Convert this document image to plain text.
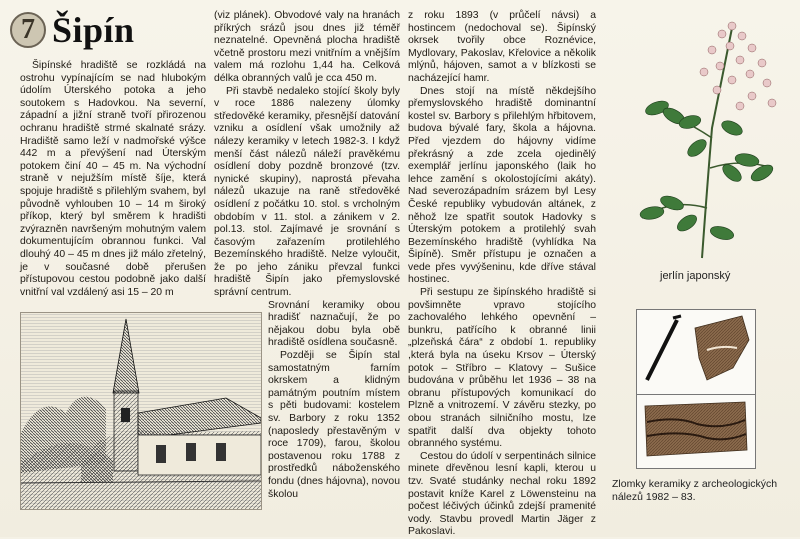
7 Šipín

Šipínské hradiště se rozkládá na ostrohu vypínajícím se nad hlubokým údolím Úterského potoka a jeho soutokem s Hadovkou. Na severní, západní a jižní straně tvoří přirozenou ochranu hradiště strmé skalnaté srázy. Hradiště samo leží v nadmořské výšce 442 m a převýšení nad Úterským potokem činí 40 – 45 m. Na východní straně v nejužším místě šíje, která spojuje hradiště s přilehlým svahem, byl původně vyhlouben 10 – 14 m široký příkop, který byl směrem k hradišti zvýrazněn navršeným mohutným valem dokumentujícím obrannou funkci. Val dlouhý 40 – 45 m dnes již málo zřetelný, je v současné době přerušen přístupovou cestou podobně jako další vnitřní val vzdálený asi 15 – 20 m

(viz plánek). Obvodové valy na hranách příkrých srázů jsou dnes již téměř neznatelné. Opevněná plocha hradiště včetně prostoru mezi vnitřním a vnějším valem má rozlohu 1,44 ha. Celková délka obranných valů je cca 450 m.

Při stavbě nedaleko stojící školy byly v roce 1886 nalezeny úlomky středověké keramiky, přesnější datování vzniku a osídlení však umožnily až nálezy keramiky v letech 1982-3. I když menší část nálezů náleží pravěkému osídlení doby pozdně bronzové (tzv. nynické skupiny), naprostá převaha nálezů ukazuje na raně středověké osídlení z počátku 10. stol. s vrcholným obdobím v 11. stol. a zánikem v 2. pol.13. stol. Zajímavé je srovnání s časovým zařazením protilehlého Bezemínského hradiště. Nelze vyloučit, že po jeho zániku převzal funkci hradiště Šipín jako přemyslovské správní centrum.

Srovnání keramiky obou hradišť naznačují, že po nějakou dobu byla obě hradiště osídlena současně.

Později se Šipín stal samostatným farním okrskem a klidným památným poutním místem s pěti budovami: kostelem sv. Barbory z roku 1352 (naposledy přestavěným v roce 1709), farou, školou postavenou roku 1788 z prostředků náboženského fondu (dnes hájovna), novou školou

z roku 1893 (v průčelí návsi) a hostincem (nedochoval se). Šipínský okrsek tvořily obce Roznévice, Mydlovary, Pakoslav, Křelovice a několik mlýnů, hájoven, samot a v blízkosti se nacházející hamr.

Dnes stojí na místě někdejšího přemyslovského hradiště dominantní kostel sv. Barbory s přilehlým hřbitovem, budova bývalé fary, škola a hájovna. Před vjezdem do hájovny vidíme překrásný a zde zcela ojedinělý exemplář jerlínu japonského (laik ho lehce zamění s okolostojícími akáty). Nad severozápadním srázem byl Lesy České republiky vybudován altánek, z něhož lze spatřit soutok Hadovky s Úterským potokem a protilehlý svah Bezemínského hradiště (vyhlídka Na Šipíně). Směr přístupu je označen a vede přes vyvýšeninu, kde dříve stával hostinec.

Při sestupu ze šipínského hradiště si povšimněte vpravo stojícího zachovalého lehkého opevnění – bunkru, patřícího k obranné linii „plzeňská čára“ z období 1. republiky ,která byla na úseku Krsov – Úterský potok – Stříbro – Klatovy – Sušice budována v průběhu let 1936 – 38 na obranu přístupových komunikací do Plzně a vnitrozemí. V závěru stezky, po obou stranách silničního mostu, lze spatřit další dva objekty tohoto obranného systému.

Cestou do údolí v serpentinách silnice minete dřevěnou lesní kapli, kterou u tzv. Svaté studánky nechal roku 1892 postavit kníže Karel z Löwensteinu na počest léčivých účinků zdejší pramenité vody. Stavbu provedl Martin Jäger z Pakoslavi.

jerlín japonský
Zlomky keramiky z archeologických nálezů 1982 – 83.
